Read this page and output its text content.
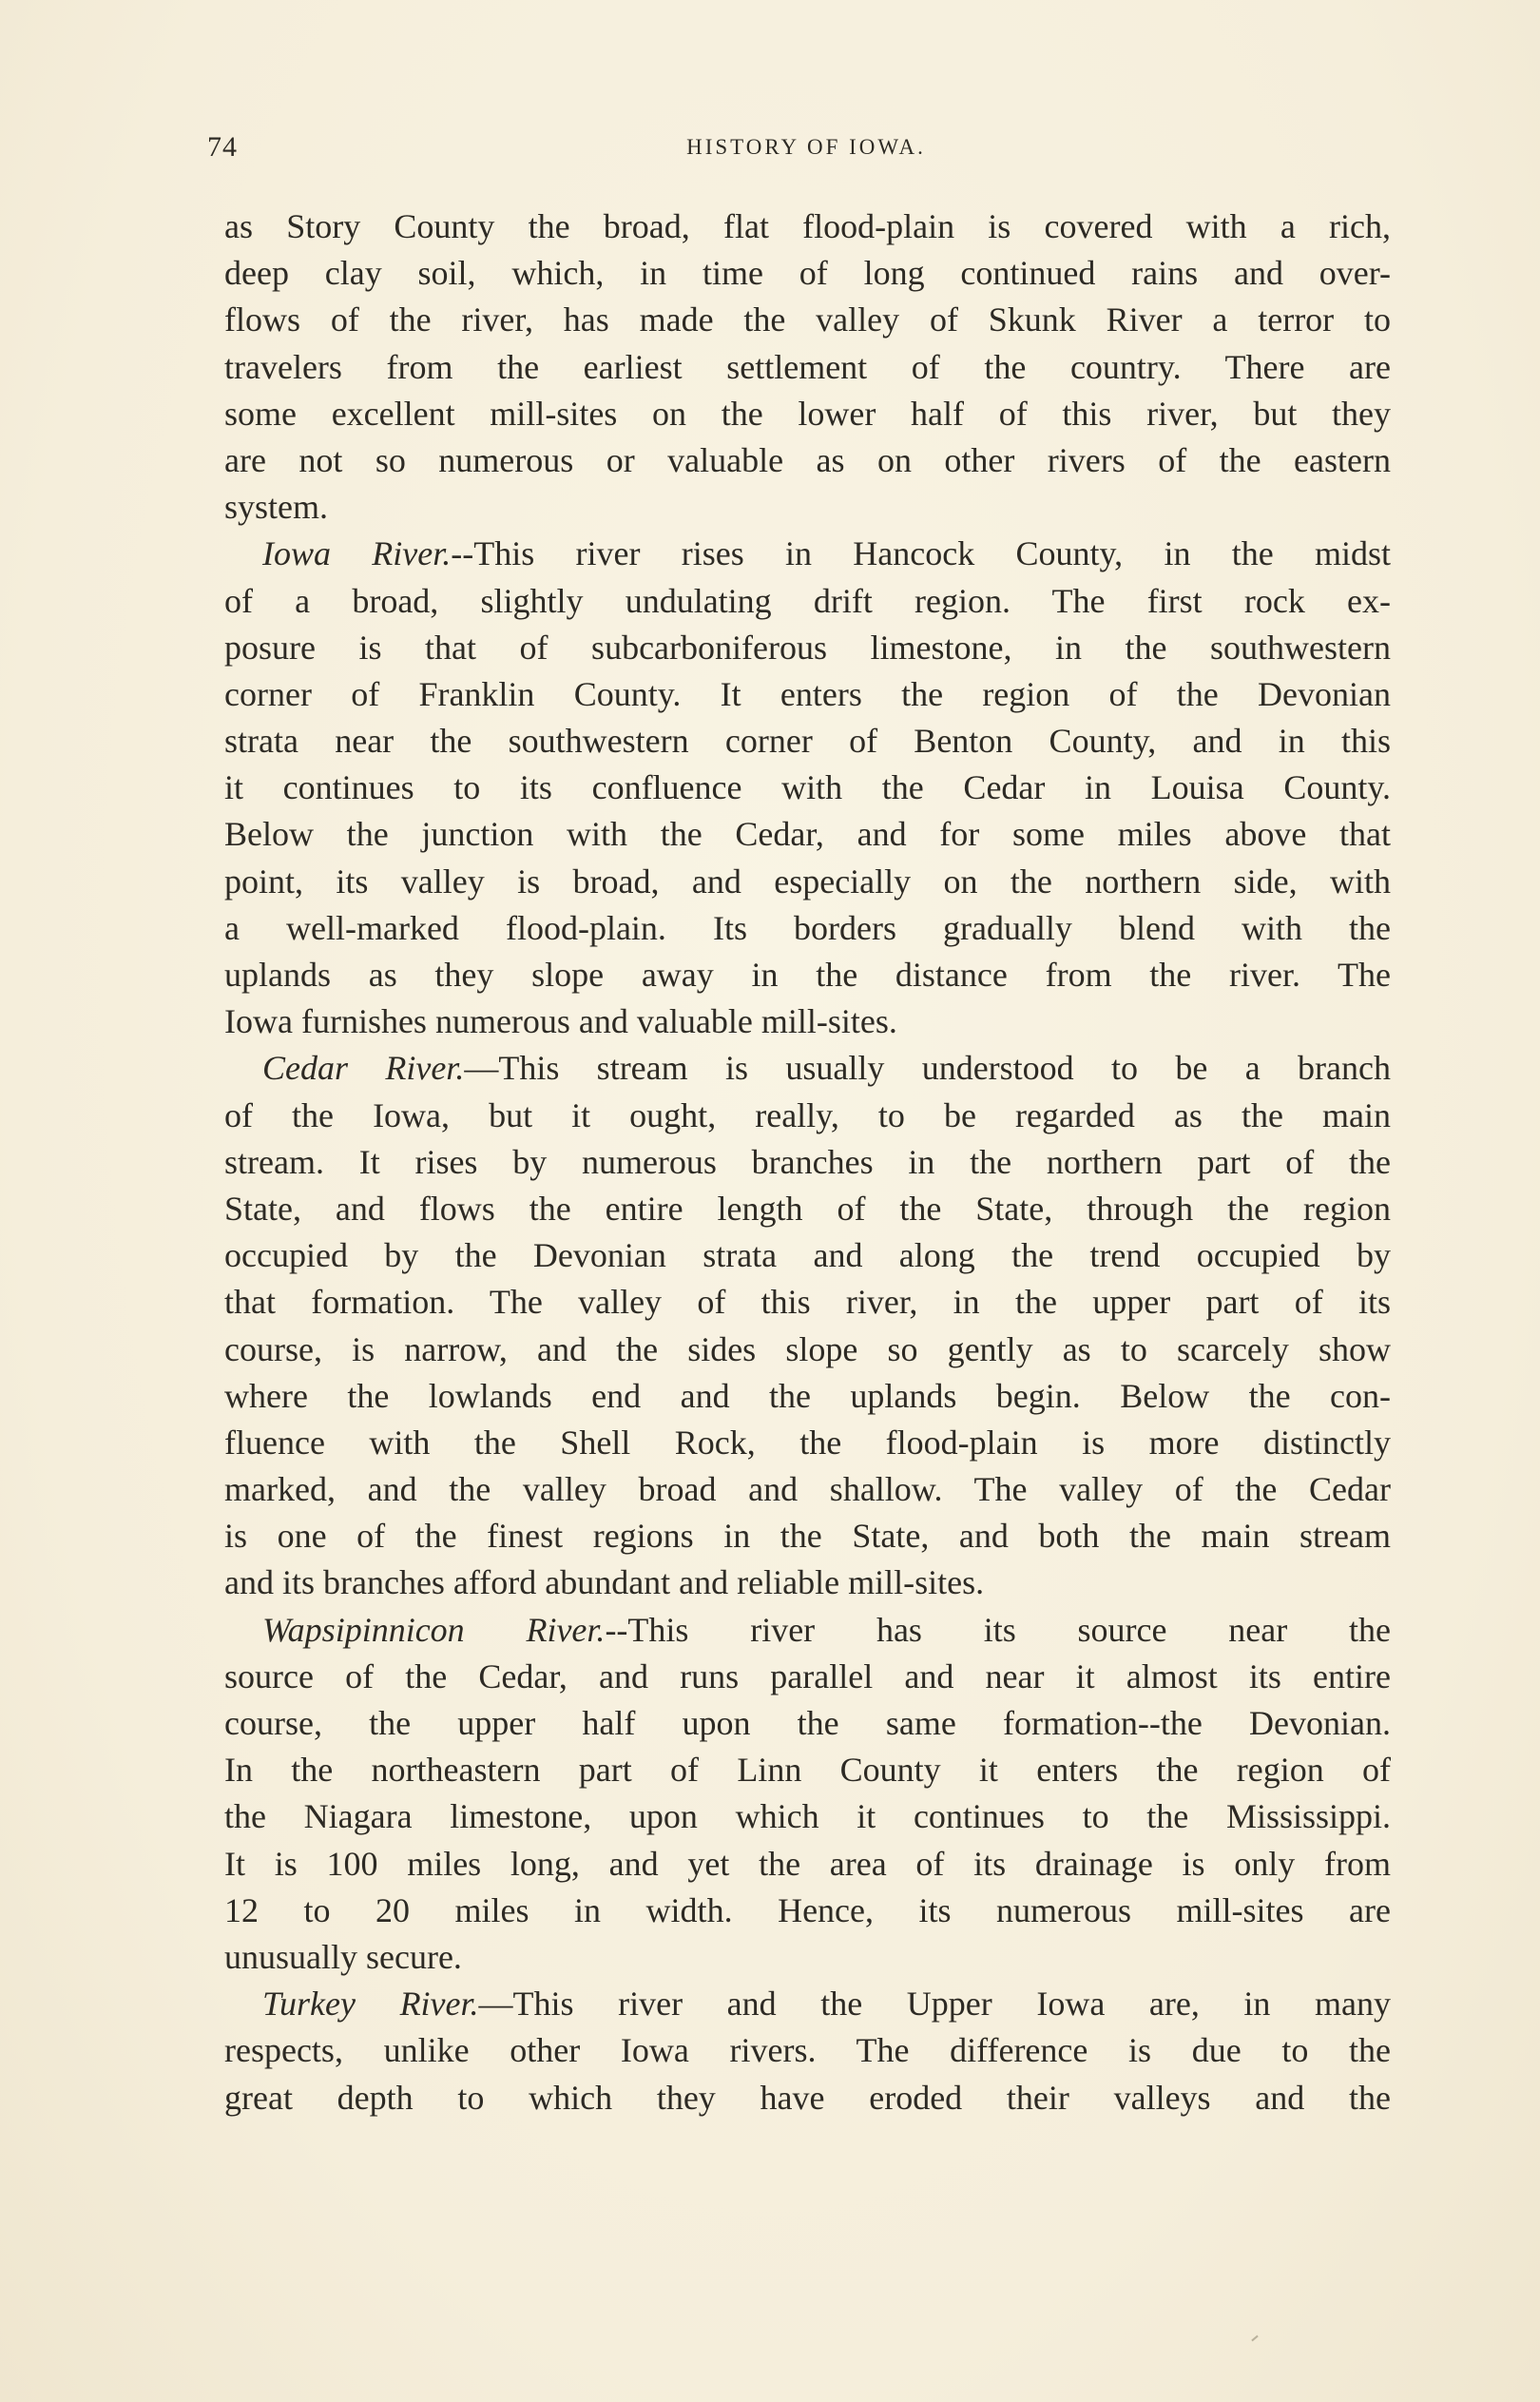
74	HISTORY OF IOWA.
as Story County the broad, flat flood-plain is covered with a rich,
deep clay soil, which, in time of long continued rains and over-
flows of the river, has made the valley of Skunk River a terror to
travelers from the earliest settlement of the country. There are
some excellent mill-sites on the lower half of this river, but they
are not so numerous or valuable as on other rivers of the eastern
system.
Iowa River.--This river rises in Hancock County, in the midst
of a broad, slightly undulating drift region. The first rock ex-
posure is that of subcarboniferous limestone, in the southwestern
corner of Franklin County. It enters the region of the Devonian
strata near the southwestern corner of Benton County, and in this
it continues to its confluence with the Cedar in Louisa County.
Below the junction with the Cedar, and for some miles above that
point, its valley is broad, and especially on the northern side, with
a well-marked flood-plain. Its borders gradually blend with the
uplands as they slope away in the distance from the river. The
Iowa furnishes numerous and valuable mill-sites.
Cedar River.—This stream is usually understood to be a branch
of the Iowa, but it ought, really, to be regarded as the main
stream. It rises by numerous branches in the northern part of the
State, and flows the entire length of the State, through the region
occupied by the Devonian strata and along the trend occupied by
that formation. The valley of this river, in the upper part of its
course, is narrow, and the sides slope so gently as to scarcely show
where the lowlands end and the uplands begin. Below the con-
fluence with the Shell Rock, the flood-plain is more distinctly
marked, and the valley broad and shallow. The valley of the Cedar
is one of the finest regions in the State, and both the main stream
and its branches afford abundant and reliable mill-sites.
Wapsipinnicon River.--This river has its source near the
source of the Cedar, and runs parallel and near it almost its entire
course, the upper half upon the same formation--the Devonian.
In the northeastern part of Linn County it enters the region of
the Niagara limestone, upon which it continues to the Mississippi.
It is 100 miles long, and yet the area of its drainage is only from
12 to 20 miles in width. Hence, its numerous mill-sites are
unusually secure.
Turkey River.—This river and the Upper Iowa are, in many
respects, unlike other Iowa rivers. The difference is due to the
great depth to which they have eroded their valleys and the
